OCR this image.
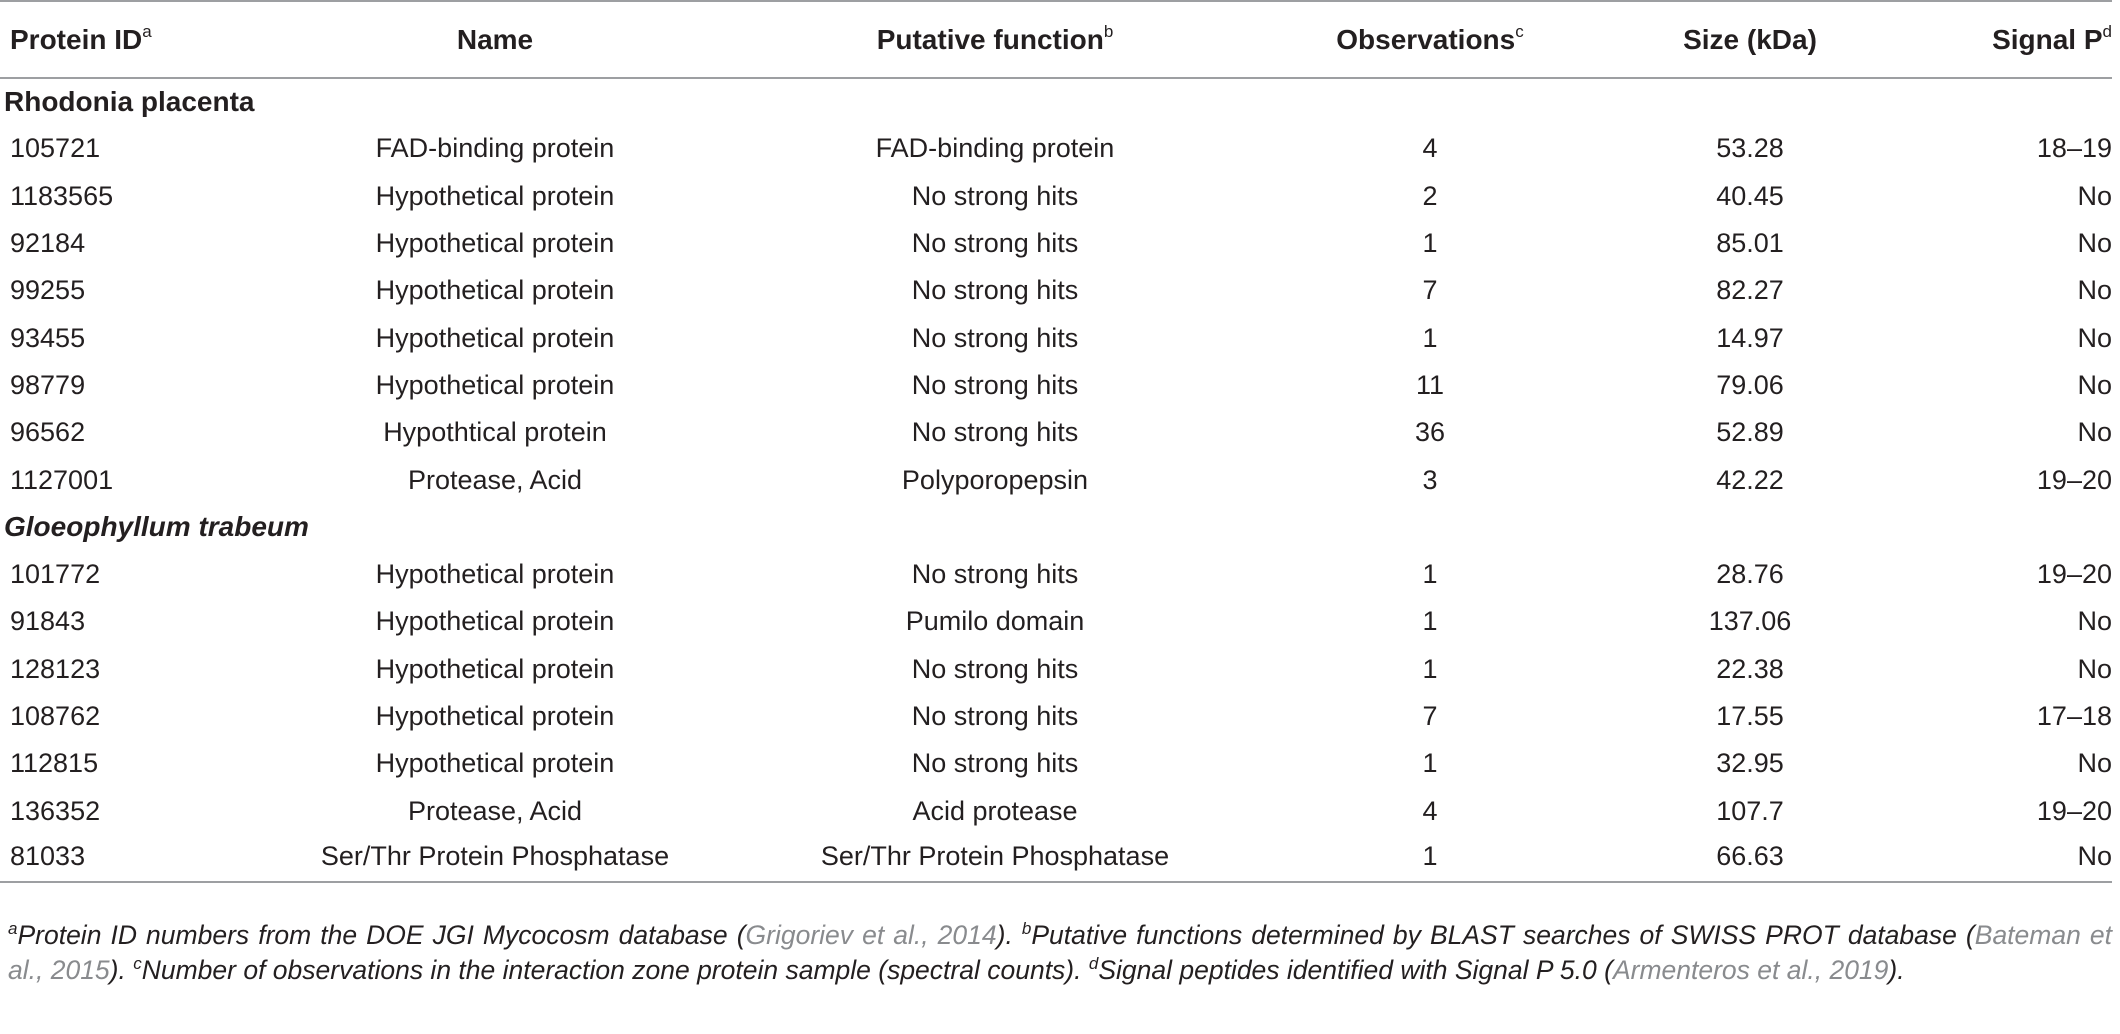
Protein $ID^a$	Name	Putative function$^b$	Observations$^c$	Size (kDa)	Signal $P^d$
Rhodonia placenta					
105721	FAD-binding protein	FAD-binding protein	4	53.28	18–19
1183565	Hypothetical protein	No strong hits	2	40.45	No
92184	Hypothetical protein	No strong hits	1	85.01	No
99255	Hypothetical protein	No strong hits	7	82.27	No
93455	Hypothetical protein	No strong hits	1	14.97	No
98779	Hypothetical protein	No strong hits	11	79.06	No
96562	Hypothtical protein	No strong hits	36	52.89	No
1127001	Protease, Acid	Polyporopepsin	3	42.22	19–20
Gloeophyllum trabeum					
101772	Hypothetical protein	No strong hits	1	28.76	19–20
91843	Hypothetical protein	Pumilo domain	1	137.06	No
128123	Hypothetical protein	No strong hits	1	22.38	No
108762	Hypothetical protein	No strong hits	7	17.55	17–18
112815	Hypothetical protein	No strong hits	1	32.95	No
136352	Protease, Acid	Acid protease	4	107.7	19–20
81033	Ser/Thr Protein Phosphatase	Ser/Thr Protein Phosphatase	1	66.63	No
$^a$Protein ID numbers from the DOE JGI Mycocosm database (Grigoriev et al., 2014). $^b$Putative functions determined by BLAST searches of SWISS PROT database (Bateman et al., 2015). $^c$Number of observations in the interaction zone protein sample (spectral counts). $^d$Signal peptides identified with Signal P 5.0 (Armenteros et al., 2019).
